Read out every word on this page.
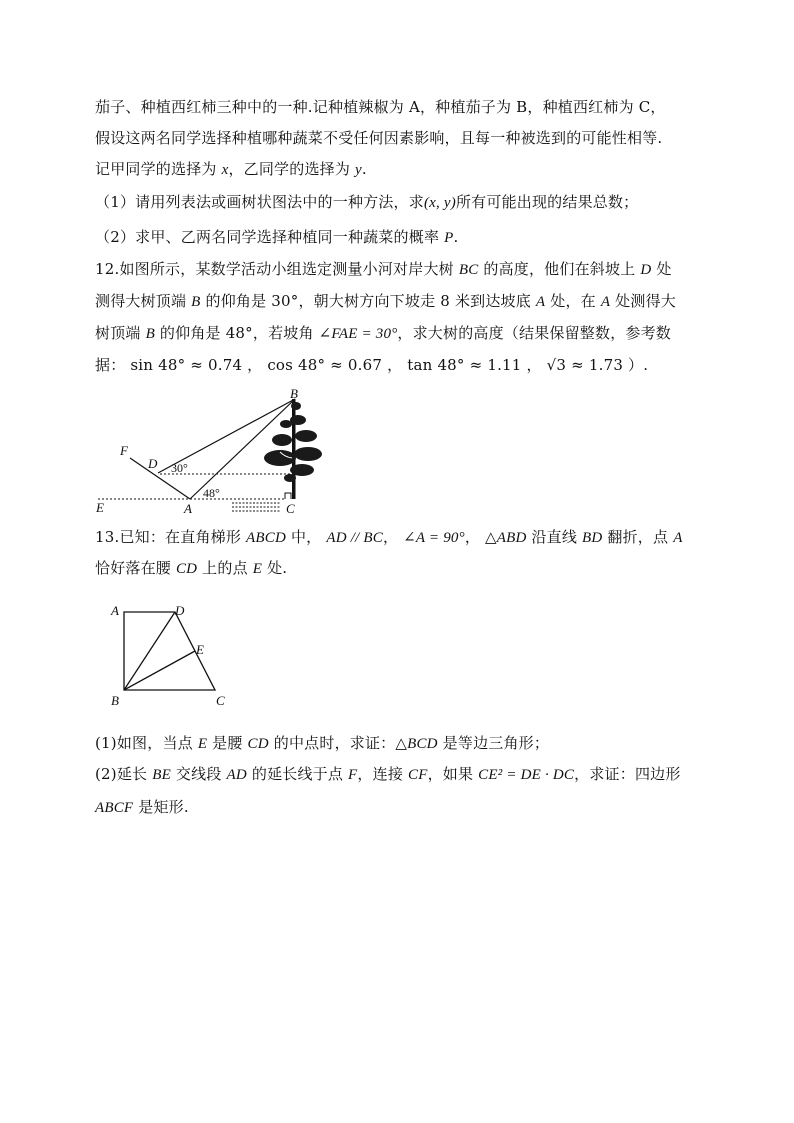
茄子、种植西红柿三种中的一种.记种植辣椒为 A，种植茄子为 B，种植西红柿为 C，
假设这两名同学选择种植哪种蔬菜不受任何因素影响，且每一种被选到的可能性相等.
记甲同学的选择为 x，乙同学的选择为 y.
（1）请用列表法或画树状图法中的一种方法，求(x, y)所有可能出现的结果总数；
（2）求甲、乙两名同学选择种植同一种蔬菜的概率 P.
12.如图所示，某数学活动小组选定测量小河对岸大树 BC 的高度，他们在斜坡上 D 处
测得大树顶端 B 的仰角是 30°，朝大树方向下坡走 8 米到达坡底 A 处，在 A 处测得大
树顶端 B 的仰角是 48°，若坡角 ∠FAE = 30°，求大树的高度（结果保留整数，参考数
据： sin 48° ≈ 0.74 ， cos 48° ≈ 0.67 ， tan 48° ≈ 1.11 ， √3 ≈ 1.73 ）.
B
F
D
E	A	C
30°
48°
13.已知：在直角梯形 ABCD 中， AD // BC， ∠A = 90°， △ABD 沿直线 BD 翻折，点 A
恰好落在腰 CD 上的点 E 处.
A	D
E
B	C
(1)如图，当点 E 是腰 CD 的中点时，求证：△BCD 是等边三角形；
(2)延长 BE 交线段 AD 的延长线于点 F，连接 CF，如果 CE² = DE · DC，求证：四边形
ABCF 是矩形.
